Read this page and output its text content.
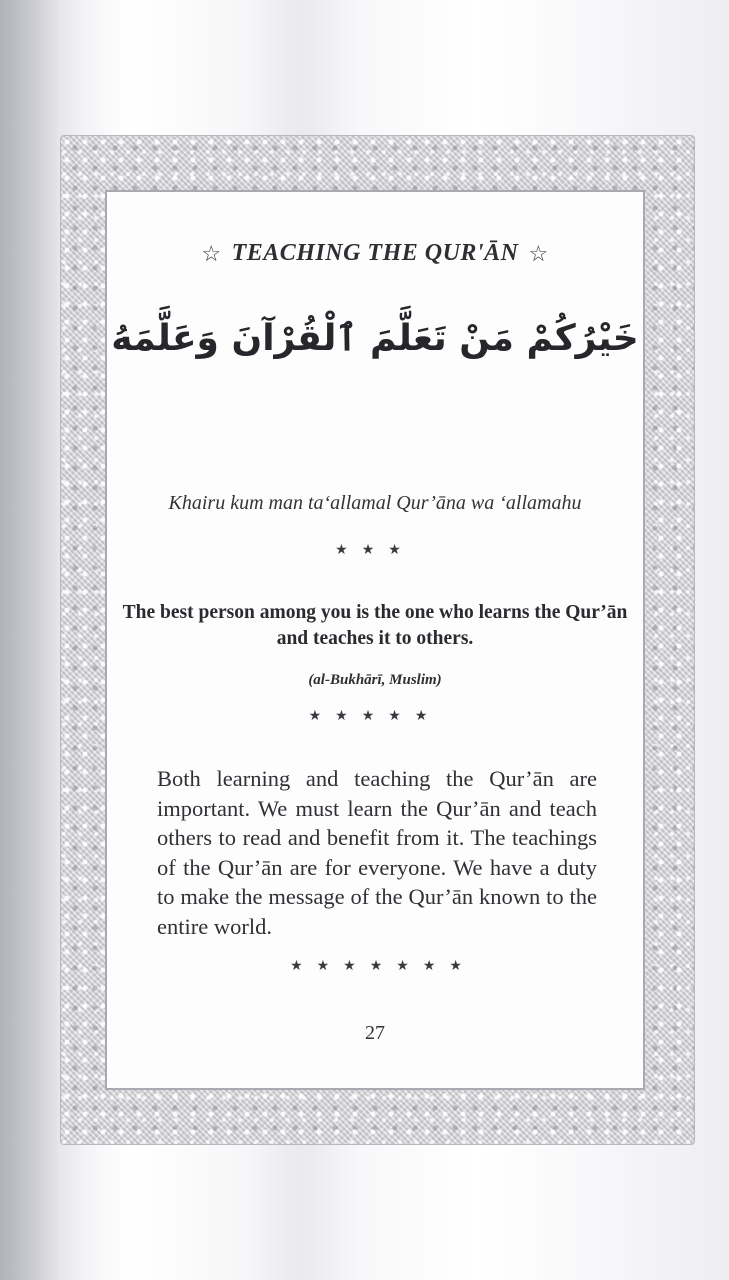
☆ TEACHING THE QUR'ĀN ☆
خَيْرُكُمْ مَنْ تَعَلَّمَ ٱلْقُرْآنَ وَعَلَّمَهُ
Khairu kum man ta‘allamal Qur’āna wa ‘allamahu
★★★
The best person among you is the one who learns the Qur’ān and teaches it to others.
(al-Bukhārī, Muslim)
★★★★★
Both learning and teaching the Qur’ān are important. We must learn the Qur’ān and teach others to read and benefit from it. The teachings of the Qur’ān are for everyone. We have a duty to make the message of the Qur’ān known to the entire world.
★★★★★★★
27
